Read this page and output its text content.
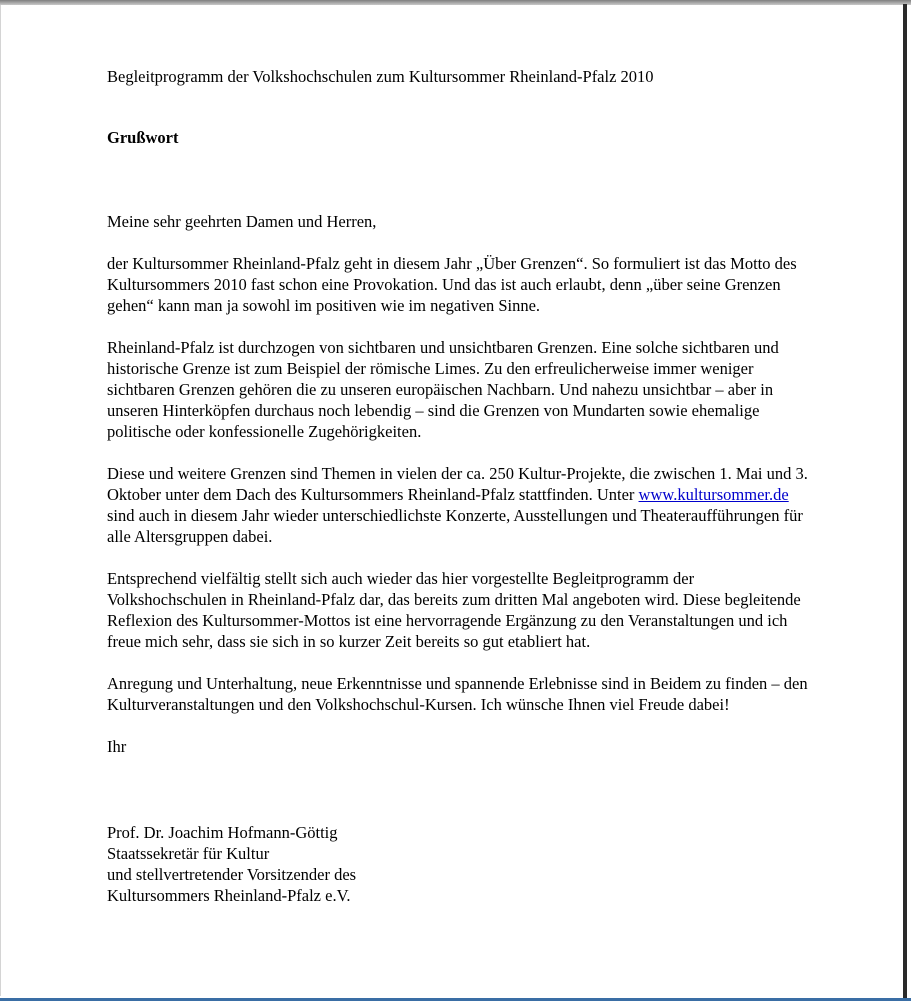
Begleitprogramm der Volkshochschulen zum Kultursommer Rheinland-Pfalz 2010

Grußwort

Meine sehr geehrten Damen und Herren,

der Kultursommer Rheinland-Pfalz geht in diesem Jahr „Über Grenzen“. So formuliert ist das Motto des Kultursommers 2010 fast schon eine Provokation. Und das ist auch erlaubt, denn „über seine Grenzen gehen“ kann man ja sowohl im positiven wie im negativen Sinne.

Rheinland-Pfalz ist durchzogen von sichtbaren und unsichtbaren Grenzen. Eine solche sichtbaren und historische Grenze ist zum Beispiel der römische Limes. Zu den erfreulicherweise immer weniger sichtbaren Grenzen gehören die zu unseren europäischen Nachbarn. Und nahezu unsichtbar – aber in unseren Hinterköpfen durchaus noch lebendig – sind die Grenzen von Mundarten sowie ehemalige politische oder konfessionelle Zugehörigkeiten.

Diese und weitere Grenzen sind Themen in vielen der ca. 250 Kultur-Projekte, die zwischen 1. Mai und 3. Oktober unter dem Dach des Kultursommers Rheinland-Pfalz stattfinden. Unter www.kultursommer.de sind auch in diesem Jahr wieder unterschiedlichste Konzerte, Ausstellungen und Theateraufführungen für alle Altersgruppen dabei.

Entsprechend vielfältig stellt sich auch wieder das hier vorgestellte Begleitprogramm der Volkshochschulen in Rheinland-Pfalz dar, das bereits zum dritten Mal angeboten wird. Diese begleitende Reflexion des Kultursommer-Mottos ist eine hervorragende Ergänzung zu den Veranstaltungen und ich freue mich sehr, dass sie sich in so kurzer Zeit bereits so gut etabliert hat.

Anregung und Unterhaltung, neue Erkenntnisse und spannende Erlebnisse sind in Beidem zu finden – den Kulturveranstaltungen und den Volkshochschul-Kursen. Ich wünsche Ihnen viel Freude dabei!

Ihr

Prof. Dr. Joachim Hofmann-Göttig

Staatssekretär für Kultur

und stellvertretender Vorsitzender des

Kultursommers Rheinland-Pfalz e.V.
